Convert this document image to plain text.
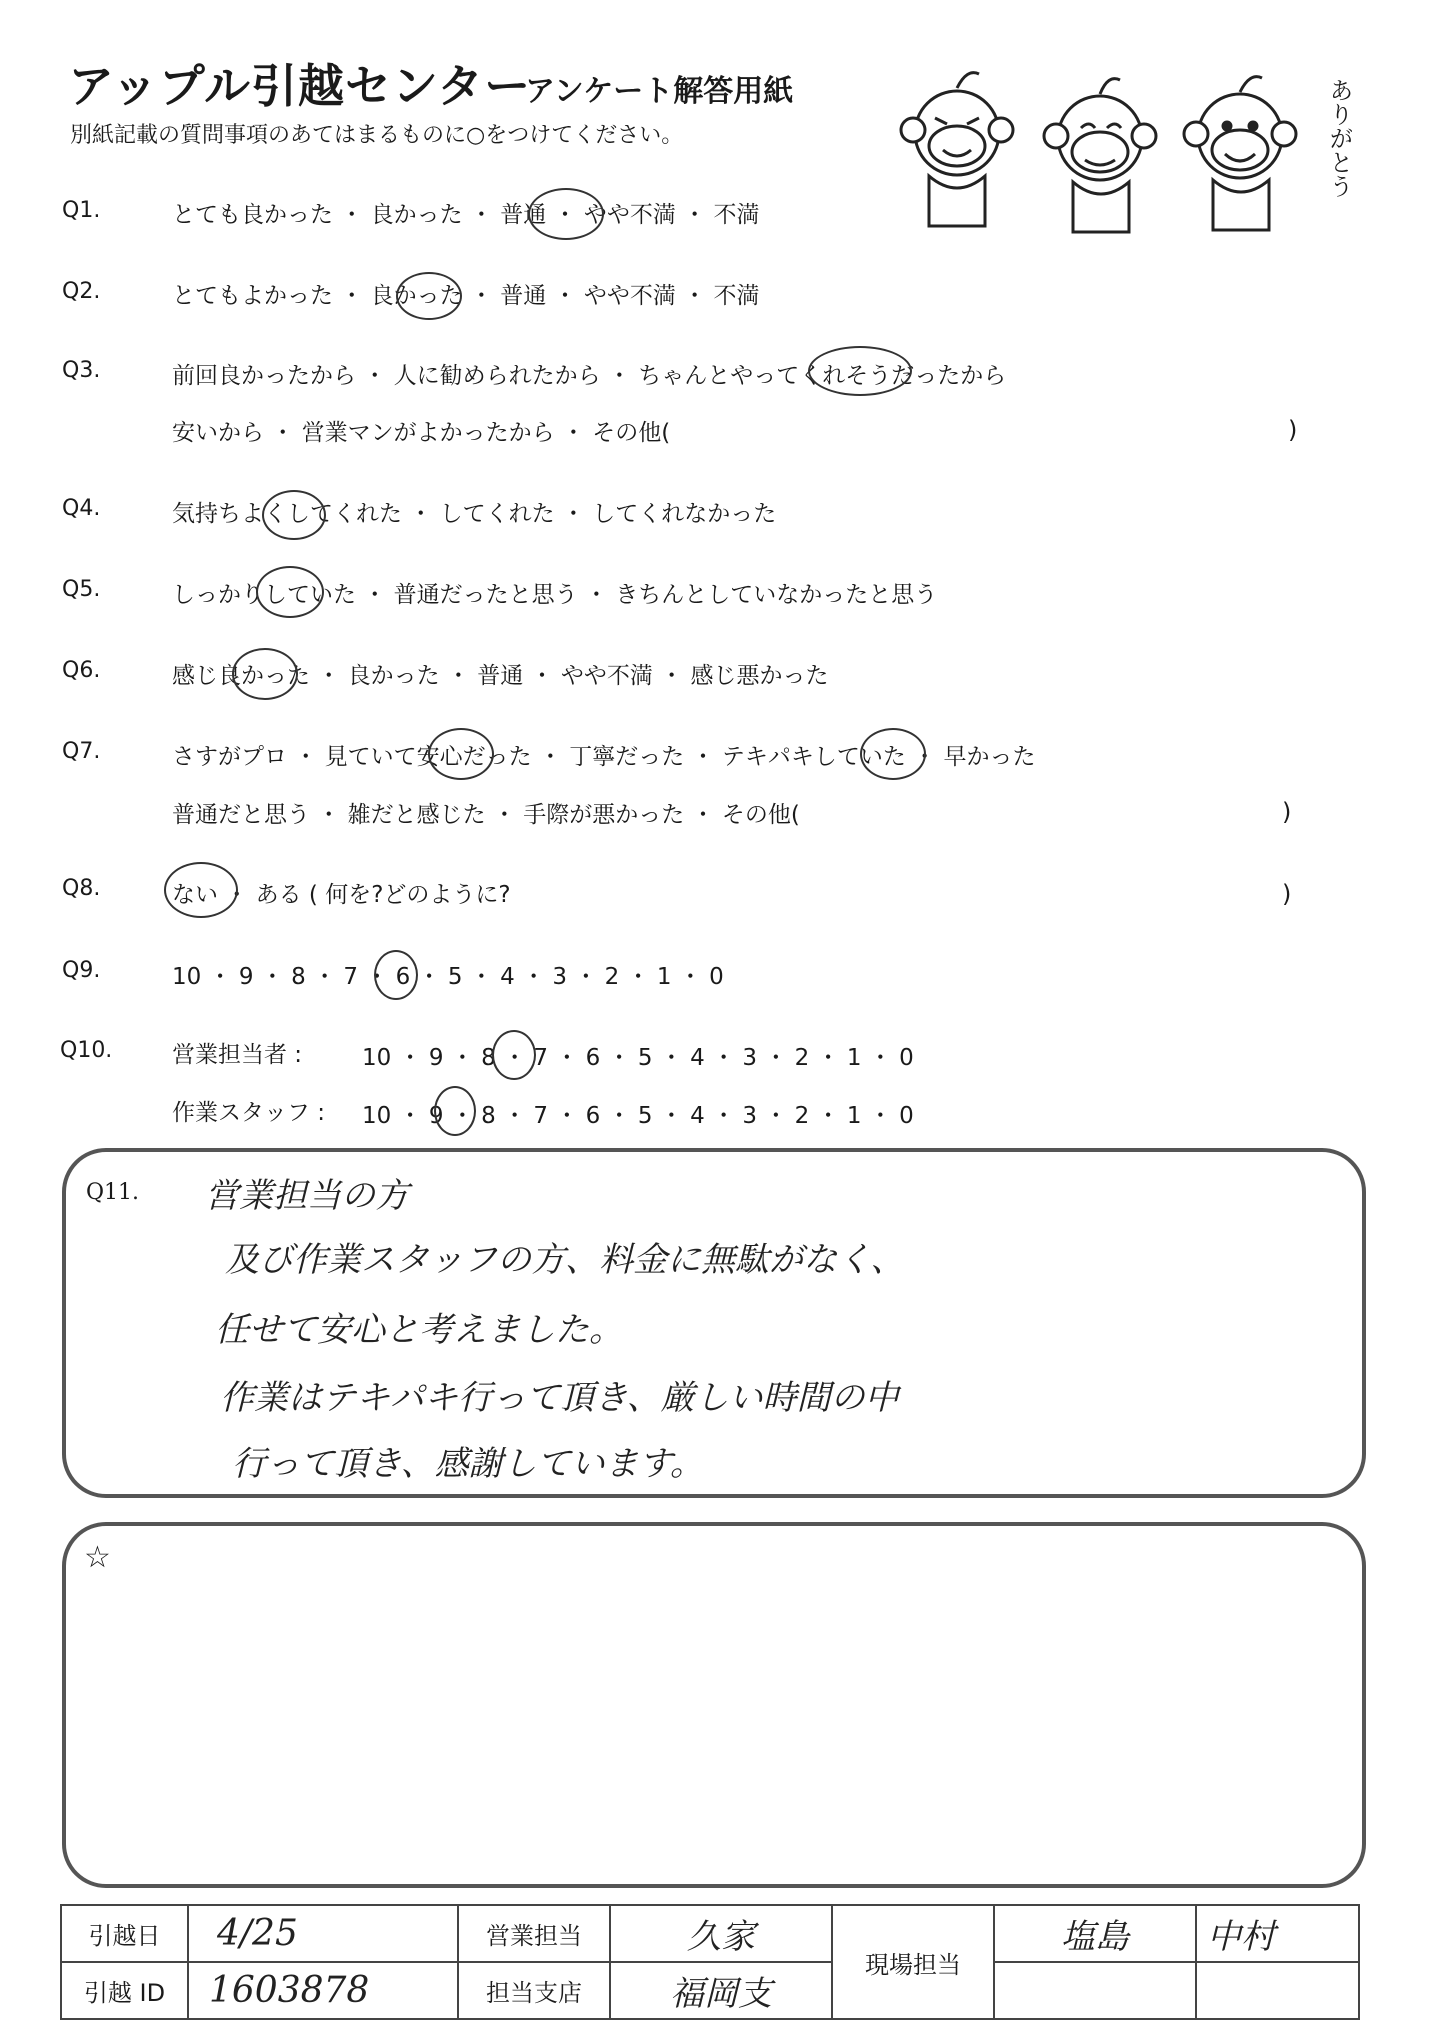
アップル引越センター
アンケート解答用紙
別紙記載の質問事項のあてはまるものに○をつけてください。	ありがとう
Q1.	とても良かった ・ 良かった ・ 普通 ・ やや不満 ・ 不満
Q2.	とてもよかった ・ 良かった ・ 普通 ・ やや不満 ・ 不満
Q3.	前回良かったから ・ 人に勧められたから ・ ちゃんとやってくれそうだったから
安いから ・ 営業マンがよかったから ・ その他(	)
Q4.	気持ちよくしてくれた ・ してくれた ・ してくれなかった
Q5.	しっかりしていた ・ 普通だったと思う ・ きちんとしていなかったと思う
Q6.	感じ良かった ・ 良かった ・ 普通 ・ やや不満 ・ 感じ悪かった
Q7.	さすがプロ ・ 見ていて安心だった ・ 丁寧だった ・ テキパキしていた ・ 早かった
普通だと思う ・ 雑だと感じた ・ 手際が悪かった ・ その他(	)
Q8.	ない ・ ある ( 何を?どのように?	)
Q9.	10 ・ 9 ・ 8 ・ 7 ・ 6 ・ 5 ・ 4 ・ 3 ・ 2 ・ 1 ・ 0
Q10.	営業担当者 :	10 ・ 9 ・ 8 ・ 7 ・ 6 ・ 5 ・ 4 ・ 3 ・ 2 ・ 1 ・ 0
作業スタッフ : 10 ・ 9 ・ 8 ・ 7 ・ 6 ・ 5 ・ 4 ・ 3 ・ 2 ・ 1 ・ 0
Q11. 営業担当の方
及び作業スタッフの方、料金に無駄がなく、
任せて安心と考えました。
作業はテキパキ行って頂き、厳しい時間の中
行って頂き、感謝しています。
☆
引越日	4/25	営業担当	久家	現場担当	塩島	中村
引越 ID	1603878	担当支店	福岡支			
